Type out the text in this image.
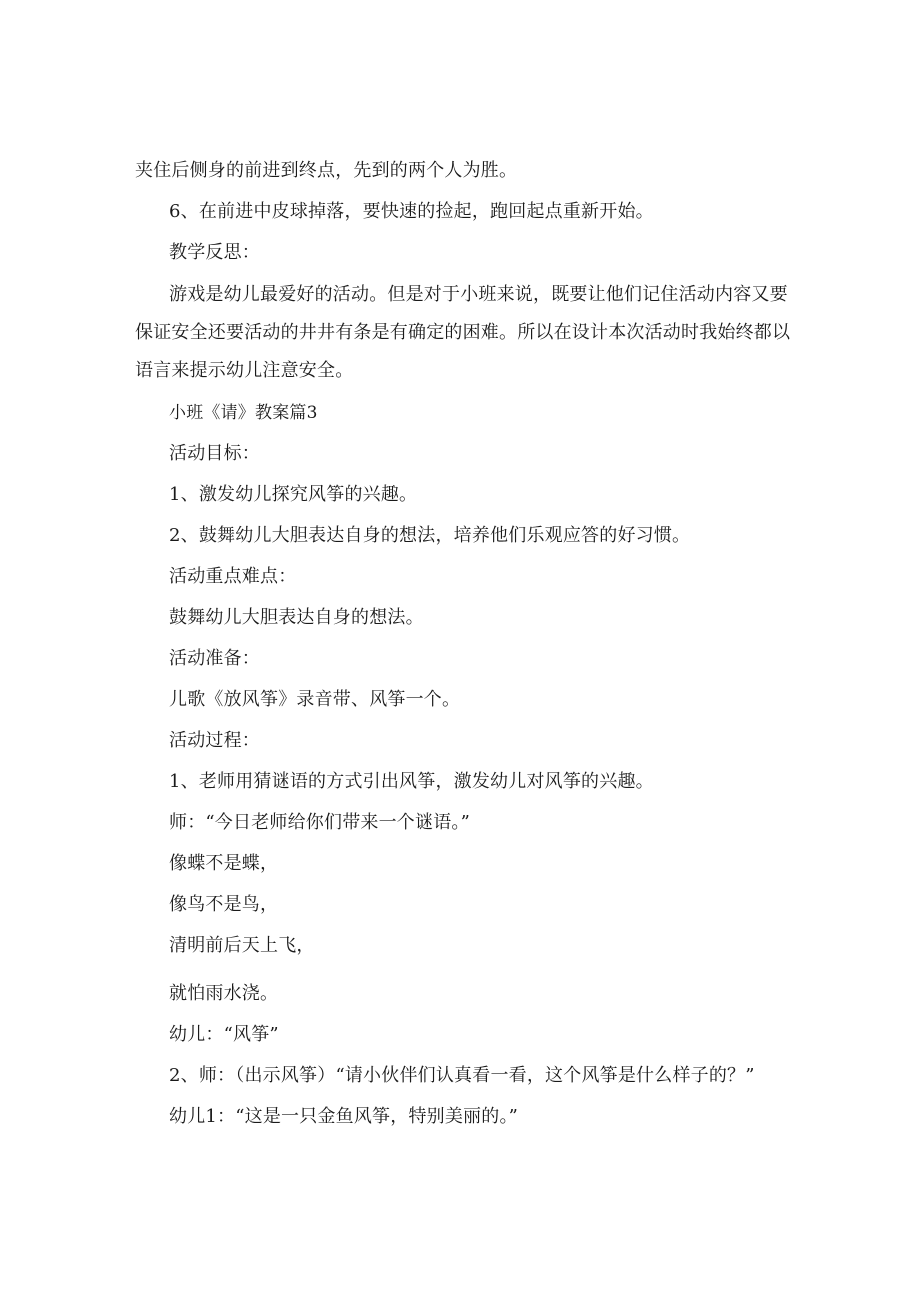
夹住后侧身的前进到终点，先到的两个人为胜。

6、在前进中皮球掉落，要快速的捡起，跑回起点重新开始。

教学反思：

游戏是幼儿最爱好的活动。但是对于小班来说，既要让他们记住活动内容又要保证安全还要活动的井井有条是有确定的困难。所以在设计本次活动时我始终都以语言来提示幼儿注意安全。

小班《请》教案篇3

活动目标：

1、激发幼儿探究风筝的兴趣。

2、鼓舞幼儿大胆表达自身的想法，培养他们乐观应答的好习惯。

活动重点难点：

鼓舞幼儿大胆表达自身的想法。

活动准备：

儿歌《放风筝》录音带、风筝一个。

活动过程：

1、老师用猜谜语的方式引出风筝，激发幼儿对风筝的兴趣。

师：“今日老师给你们带来一个谜语。”

像蝶不是蝶，

像鸟不是鸟，

清明前后天上飞，

就怕雨水浇。

幼儿：“风筝”

2、师：（出示风筝）“请小伙伴们认真看一看，这个风筝是什么样子的？”

幼儿1：“这是一只金鱼风筝，特别美丽的。”
